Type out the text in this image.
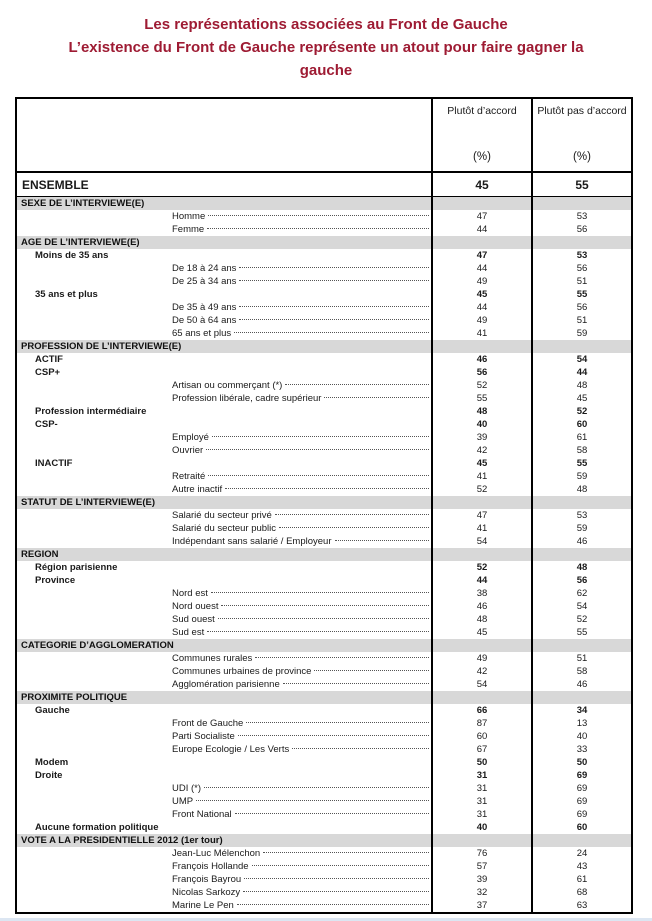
Les représentations associées au Front de Gauche
L’existence du Front de Gauche représente un atout pour faire gagner la
gauche
Plutôt d’accord
(%)
Plutôt pas d’accord
(%)
ENSEMBLE	45	55
SEXE DE L’INTERVIEWE(E)
Homme	47	53
Femme	44	56
AGE DE L’INTERVIEWE(E)
Moins de 35 ans	47	53
De 18 à 24 ans	44	56
De 25 à 34 ans	49	51
35 ans et plus	45	55
De 35 à 49 ans	44	56
De 50 à 64 ans	49	51
65 ans et plus	41	59
PROFESSION DE L’INTERVIEWE(E)
ACTIF	46	54
CSP+	56	44
Artisan ou commerçant (*)	52	48
Profession libérale, cadre supérieur	55	45
Profession intermédiaire	48	52
CSP-	40	60
Employé	39	61
Ouvrier	42	58
INACTIF	45	55
Retraité	41	59
Autre inactif	52	48
STATUT DE L’INTERVIEWE(E)
Salarié du secteur privé	47	53
Salarié du secteur public	41	59
Indépendant sans salarié / Employeur	54	46
REGION
Région parisienne	52	48
Province	44	56
Nord est	38	62
Nord ouest	46	54
Sud ouest	48	52
Sud est	45	55
CATEGORIE D’AGGLOMERATION
Communes rurales	49	51
Communes urbaines de province	42	58
Agglomération parisienne	54	46
PROXIMITE POLITIQUE
Gauche	66	34
Front de Gauche	87	13
Parti Socialiste	60	40
Europe Ecologie / Les Verts	67	33
Modem	50	50
Droite	31	69
UDI (*)	31	69
UMP	31	69
Front National	31	69
Aucune formation politique	40	60
VOTE A LA PRESIDENTIELLE 2012 (1er tour)
Jean-Luc Mélenchon	76	24
François Hollande	57	43
François Bayrou	39	61
Nicolas Sarkozy	32	68
Marine Le Pen	37	63
